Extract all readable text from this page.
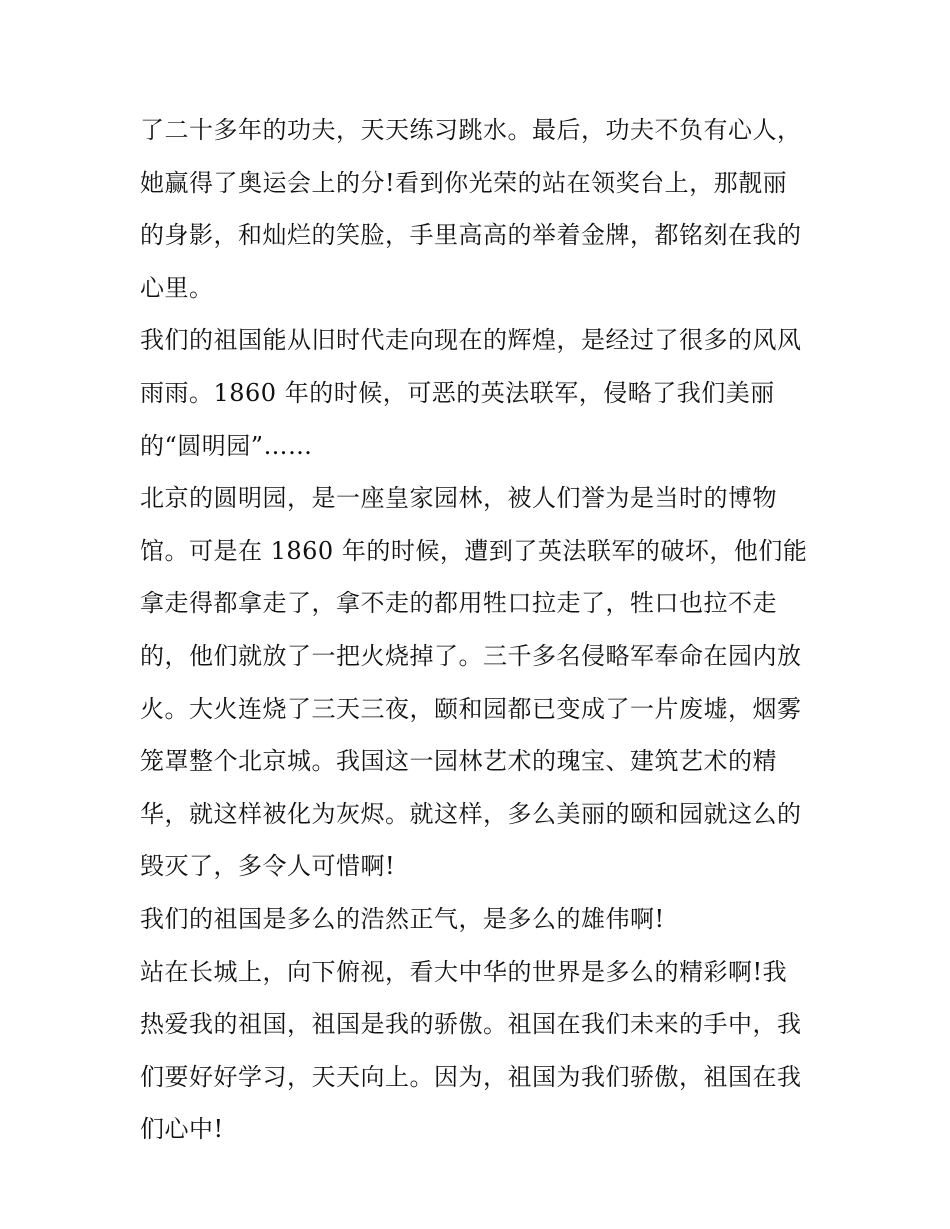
了二十多年的功夫，天天练习跳水。最后，功夫不负有心人，
她赢得了奥运会上的分!看到你光荣的站在领奖台上，那靓丽
的身影，和灿烂的笑脸，手里高高的举着金牌，都铭刻在我的
心里。
我们的祖国能从旧时代走向现在的辉煌，是经过了很多的风风
雨雨。1860 年的时候，可恶的英法联军，侵略了我们美丽
的“圆明园”……
北京的圆明园，是一座皇家园林，被人们誉为是当时的博物
馆。可是在 1860 年的时候，遭到了英法联军的破坏，他们能
拿走得都拿走了，拿不走的都用牲口拉走了，牲口也拉不走
的，他们就放了一把火烧掉了。三千多名侵略军奉命在园内放
火。大火连烧了三天三夜，颐和园都已变成了一片废墟，烟雾
笼罩整个北京城。我国这一园林艺术的瑰宝、建筑艺术的精
华，就这样被化为灰烬。就这样，多么美丽的颐和园就这么的
毁灭了，多令人可惜啊!
我们的祖国是多么的浩然正气，是多么的雄伟啊!
站在长城上，向下俯视，看大中华的世界是多么的精彩啊!我
热爱我的祖国，祖国是我的骄傲。祖国在我们未来的手中，我
们要好好学习，天天向上。因为，祖国为我们骄傲，祖国在我
们心中!
